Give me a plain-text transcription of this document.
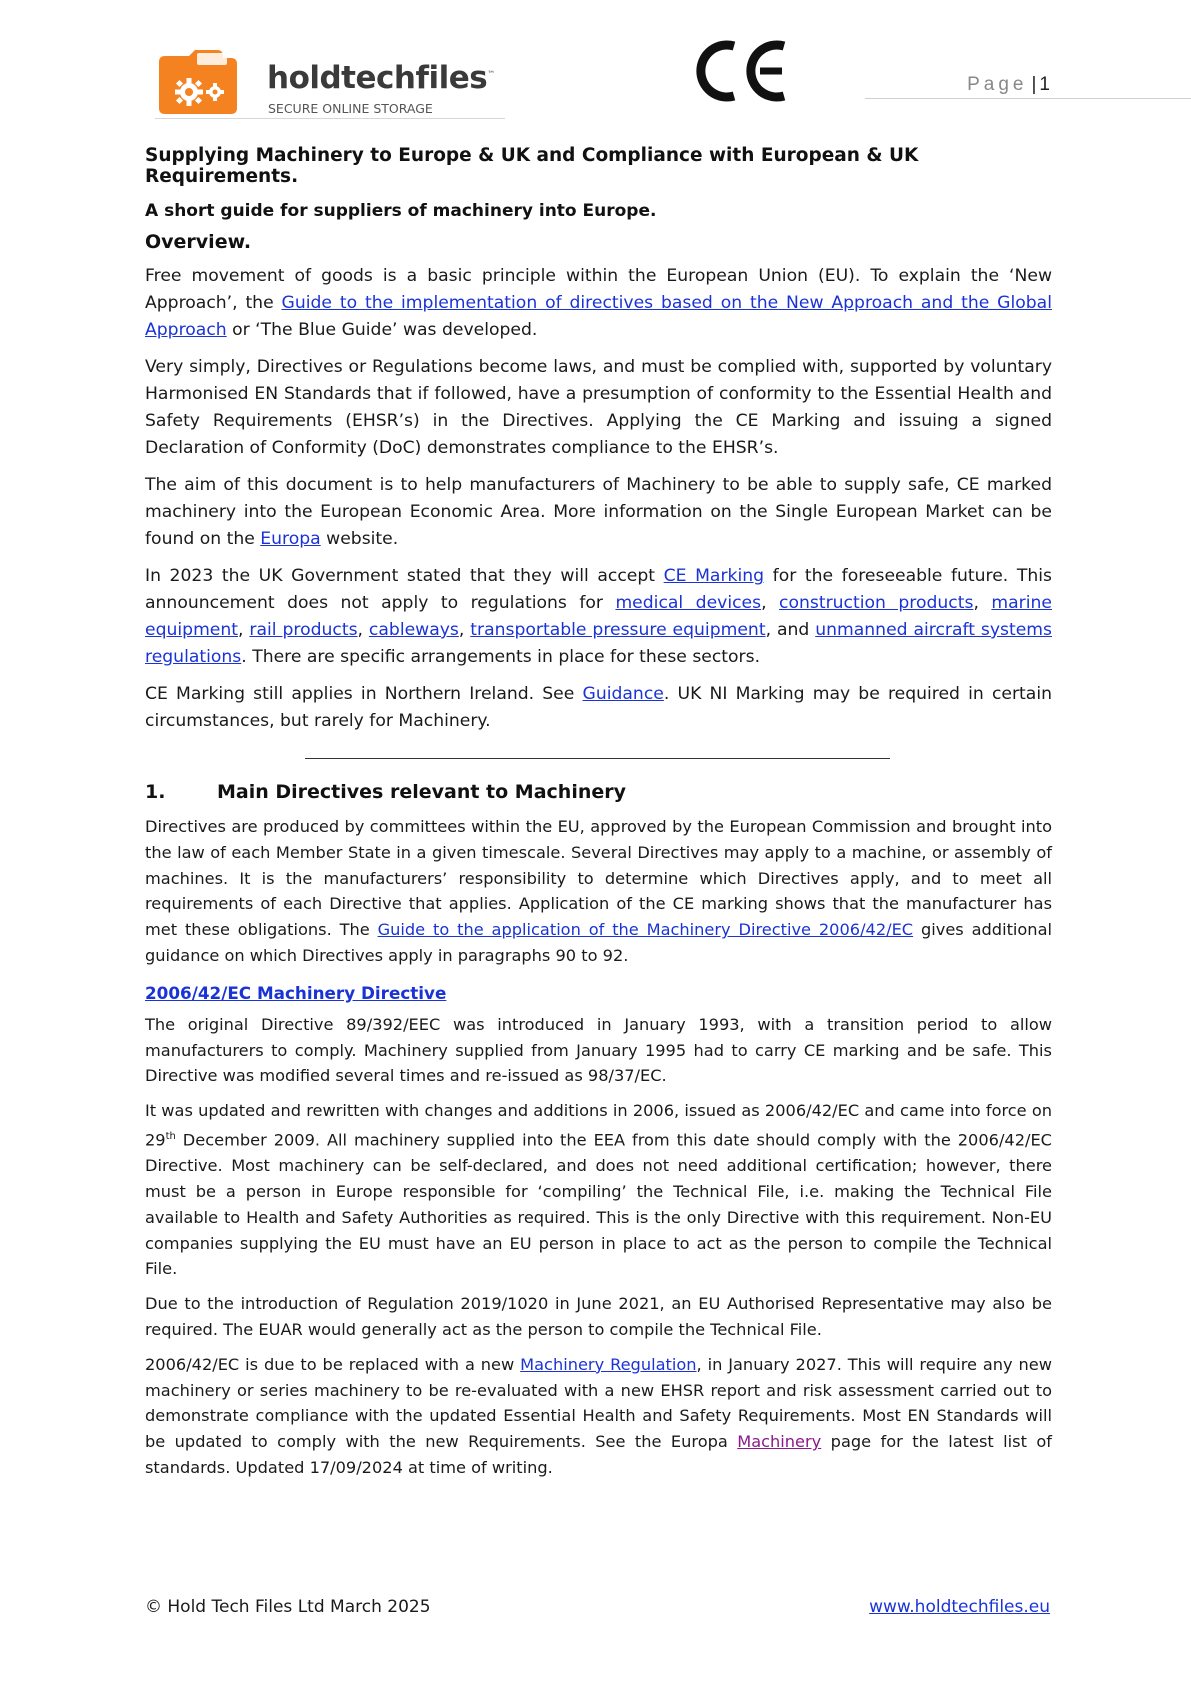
holdtechfiles™
SECURE ONLINE STORAGE
Page | 1
Supplying Machinery to Europe & UK and Compliance with European & UK Requirements.
A short guide for suppliers of machinery into Europe.
Overview.

Free movement of goods is a basic principle within the European Union (EU). To explain the ‘New Approach’, the Guide to the implementation of directives based on the New Approach and the Global Approach or ‘The Blue Guide’ was developed.

Very simply, Directives or Regulations become laws, and must be complied with, supported by voluntary Harmonised EN Standards that if followed, have a presumption of conformity to the Essential Health and Safety Requirements (EHSR’s) in the Directives. Applying the CE Marking and issuing a signed Declaration of Conformity (DoC) demonstrates compliance to the EHSR’s.

The aim of this document is to help manufacturers of Machinery to be able to supply safe, CE marked machinery into the European Economic Area. More information on the Single European Market can be found on the Europa website.

In 2023 the UK Government stated that they will accept CE Marking for the foreseeable future. This announcement does not apply to regulations for medical devices, construction products, marine equipment, rail products, cableways, transportable pressure equipment, and unmanned aircraft systems regulations. There are specific arrangements in place for these sectors.

CE Marking still applies in Northern Ireland. See Guidance. UK NI Marking may be required in certain circumstances, but rarely for Machinery.

1.	Main Directives relevant to Machinery

Directives are produced by committees within the EU, approved by the European Commission and brought into the law of each Member State in a given timescale. Several Directives may apply to a machine, or assembly of machines. It is the manufacturers’ responsibility to determine which Directives apply, and to meet all requirements of each Directive that applies. Application of the CE marking shows that the manufacturer has met these obligations. The Guide to the application of the Machinery Directive 2006/42/EC gives additional guidance on which Directives apply in paragraphs 90 to 92.

2006/42/EC Machinery Directive

The original Directive 89/392/EEC was introduced in January 1993, with a transition period to allow manufacturers to comply. Machinery supplied from January 1995 had to carry CE marking and be safe. This Directive was modified several times and re-issued as 98/37/EC.

It was updated and rewritten with changes and additions in 2006, issued as 2006/42/EC and came into force on 29th December 2009. All machinery supplied into the EEA from this date should comply with the 2006/42/EC Directive. Most machinery can be self-declared, and does not need additional certification; however, there must be a person in Europe responsible for ‘compiling’ the Technical File, i.e. making the Technical File available to Health and Safety Authorities as required. This is the only Directive with this requirement. Non-EU companies supplying the EU must have an EU person in place to act as the person to compile the Technical File.

Due to the introduction of Regulation 2019/1020 in June 2021, an EU Authorised Representative may also be required. The EUAR would generally act as the person to compile the Technical File.

2006/42/EC is due to be replaced with a new Machinery Regulation, in January 2027. This will require any new machinery or series machinery to be re-evaluated with a new EHSR report and risk assessment carried out to demonstrate compliance with the updated Essential Health and Safety Requirements. Most EN Standards will be updated to comply with the new Requirements. See the Europa Machinery page for the latest list of standards. Updated 17/09/2024 at time of writing.

© Hold Tech Files Ltd March 2025	www.holdtechfiles.eu
